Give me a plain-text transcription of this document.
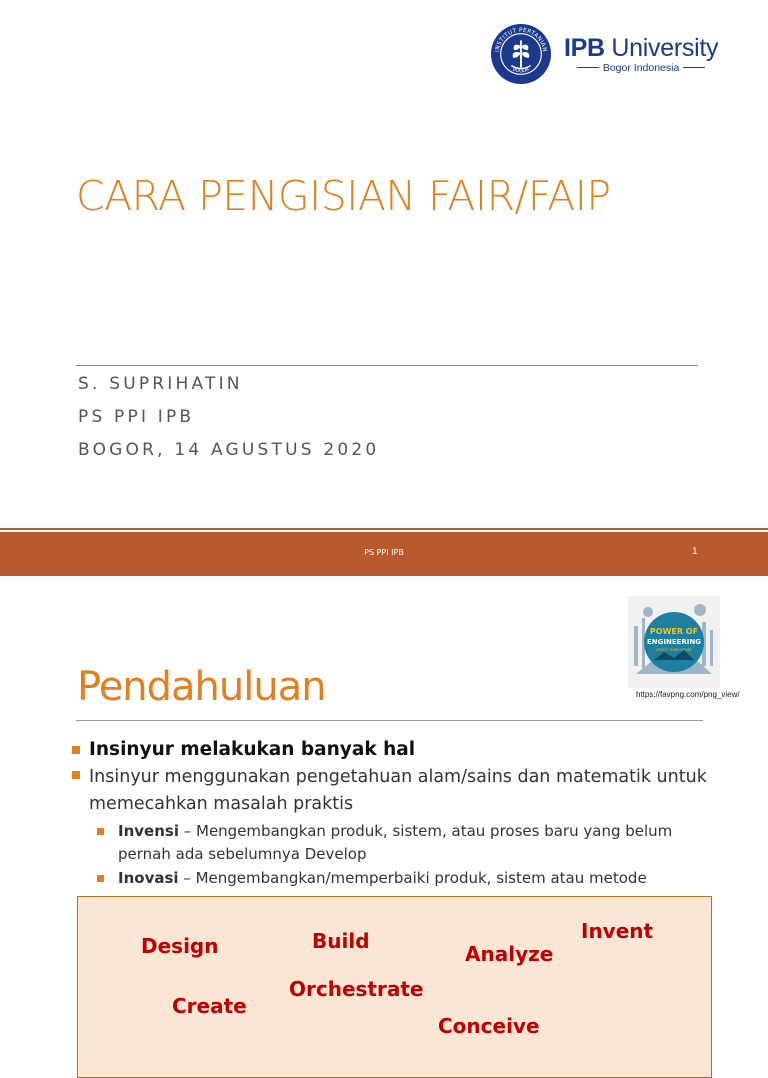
INSTITUT PERTANIAN
BOGOR
IPB University
Bogor Indonesia
CARA PENGISIAN FAIR/FAIP
S. SUPRIHATIN
PS PPI IPB
BOGOR, 14 AGUSTUS 2020
PS PPI IPB	1
POWER OF
ENGINEERING
CREATE YOUR FUTURE
https://favpng.com/png_view/
Pendahuluan
Insinyur melakukan banyak hal
Insinyur menggunakan pengetahuan alam/sains dan matematik untuk memecahkan masalah praktis
Invensi – Mengembangkan produk, sistem, atau proses baru yang belum pernah ada sebelumnya Develop
Inovasi – Mengembangkan/memperbaiki produk, sistem atau metode
Design	Build
Analyze
Invent
Orchestrate
Create
Conceive
